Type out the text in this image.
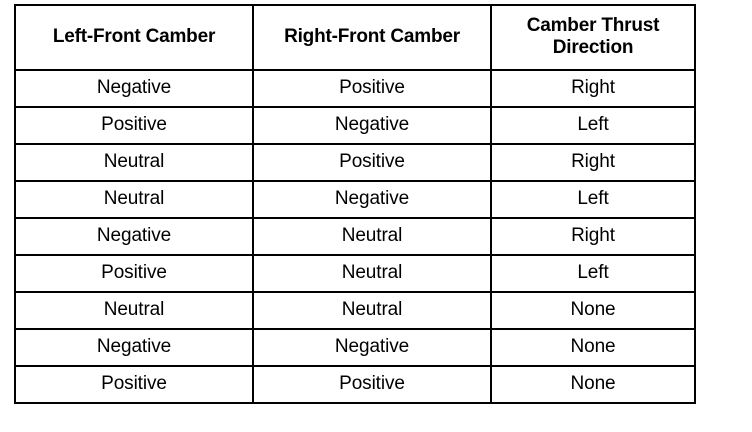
Left-Front Camber	Right-Front Camber	Camber Thrust
Direction

Negative	Positive	Right
Positive	Negative	Left
Neutral	Positive	Right
Neutral	Negative	Left
Negative	Neutral	Right
Positive	Neutral	Left
Neutral	Neutral	None
Negative	Negative	None
Positive	Positive	None
